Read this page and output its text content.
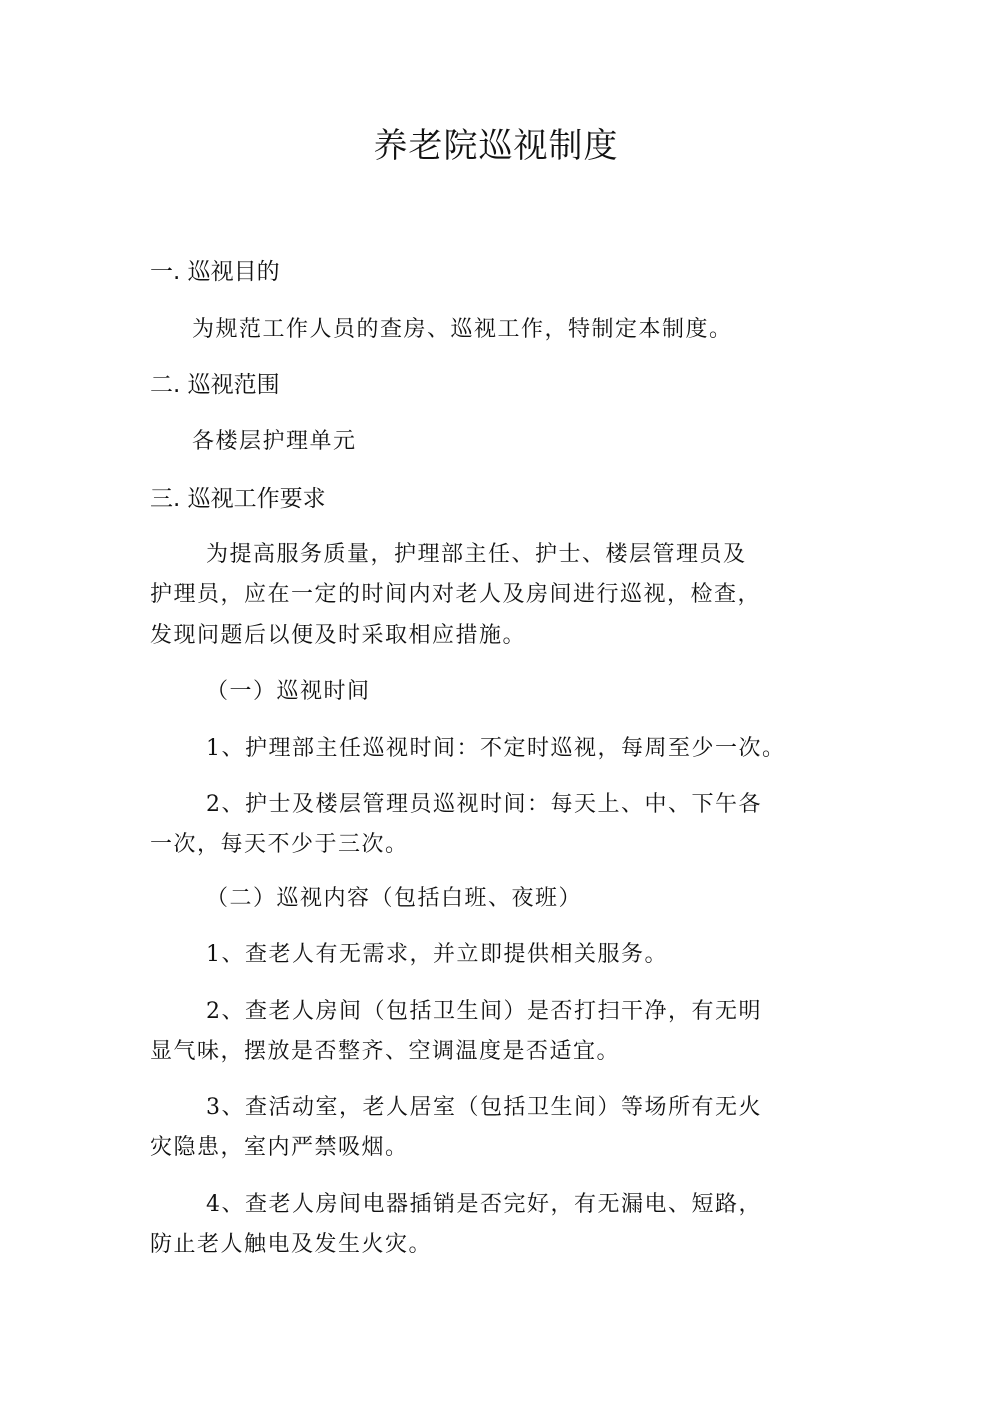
养老院巡视制度
一. 巡视目的

为规范工作人员的查房、巡视工作，特制定本制度。

二. 巡视范围

各楼层护理单元

三. 巡视工作要求

为提高服务质量，护理部主任、护士、楼层管理员及

护理员，应在一定的时间内对老人及房间进行巡视，检查，

发现问题后以便及时采取相应措施。

（一）巡视时间

1、护理部主任巡视时间：不定时巡视，每周至少一次。

2、护士及楼层管理员巡视时间：每天上、中、下午各

一次，每天不少于三次。

（二）巡视内容（包括白班、夜班）

1、查老人有无需求，并立即提供相关服务。

2、查老人房间（包括卫生间）是否打扫干净，有无明

显气味，摆放是否整齐、空调温度是否适宜。

3、查活动室，老人居室（包括卫生间）等场所有无火

灾隐患，室内严禁吸烟。

4、查老人房间电器插销是否完好，有无漏电、短路，

防止老人触电及发生火灾。
